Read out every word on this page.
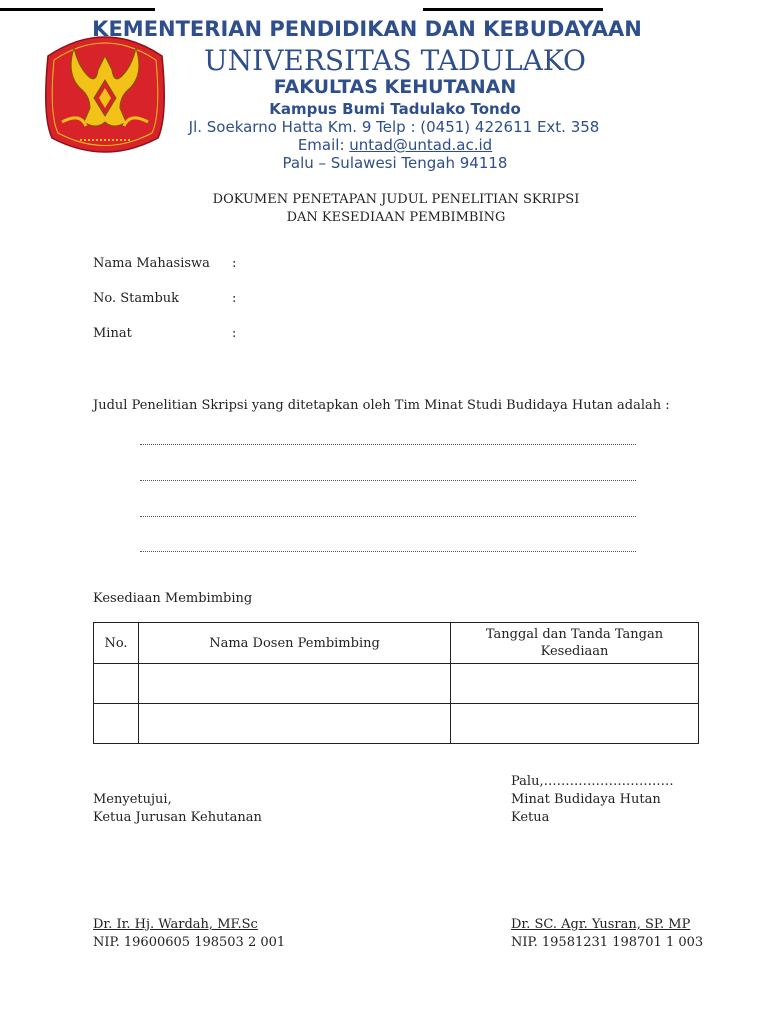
KEMENTERIAN PENDIDIKAN DAN KEBUDAYAAN
UNIVERSITAS TADULAKO
FAKULTAS KEHUTANAN
Kampus Bumi Tadulako Tondo
Jl. Soekarno Hatta Km. 9 Telp : (0451) 422611 Ext. 358
Email: untad@untad.ac.id
Palu – Sulawesi Tengah 94118
DOKUMEN PENETAPAN JUDUL PENELITIAN SKRIPSI
DAN KESEDIAAN PEMBIMBING
Nama Mahasiswa :
No. Stambuk	:
Minat	:
Judul Penelitian Skripsi yang ditetapkan oleh Tim Minat Studi Budidaya Hutan adalah :
Kesediaan Membimbing
No.	Nama Dosen Pembimbing	Tanggal dan Tanda Tangan Kesediaan

Palu,…………………………
Menyetujui,
Ketua Jurusan Kehutanan
Minat Budidaya Hutan
Ketua
Dr. Ir. Hj. Wardah, MF.Sc
NIP. 19600605 198503 2 001
Dr. SC. Agr. Yusran, SP. MP
NIP. 19581231 198701 1 003
